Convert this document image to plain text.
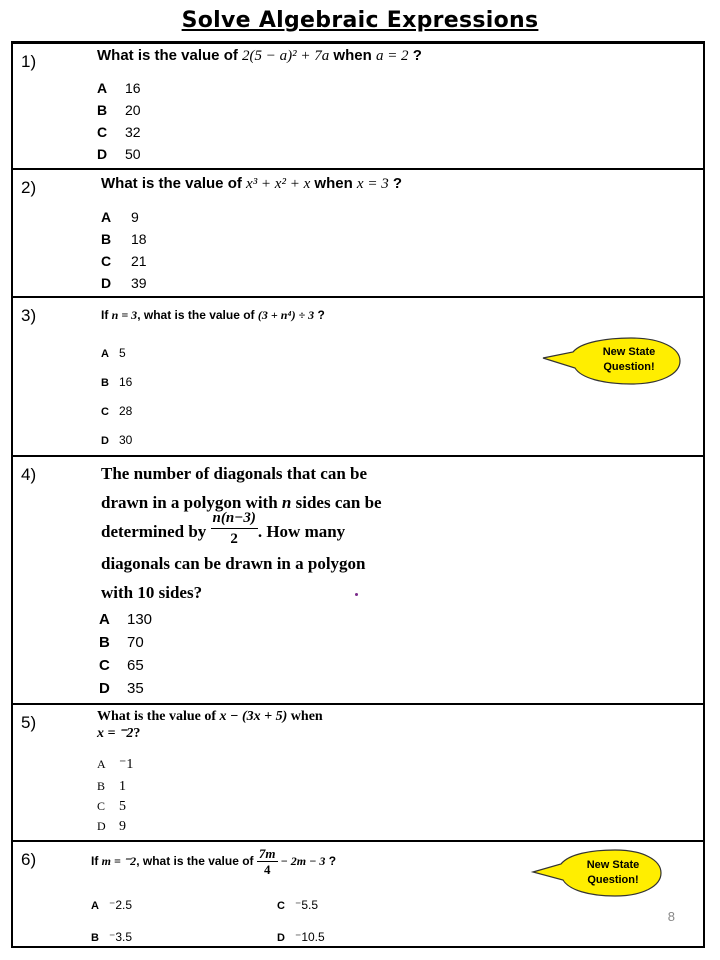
Solve Algebraic Expressions
1)	What is the value of 2(5 − a)² + 7a when a = 2 ?
A 16
B 20
C 32
D 50
2)	What is the value of x³ + x² + x when x = 3 ?
A 9
B 18
C 21
D 39
3)	If n = 3, what is the value of (3 + n⁴) ÷ 3 ?
A 5
B 16
C 28
D 30
New State
Question!
4)	The number of diagonals that can be
drawn in a polygon with n sides can be
determined by $\frac{n(n-3)}{2}$ . How many
diagonals can be drawn in a polygon
with 10 sides?
A 130
B 70
C 65
D 35
5)	What is the value of x − (3x + 5) when
x = ⁻2?
A ⁻1
B 1
C 5
D 9
6)	If m = ⁻2, what is the value of $\frac{7m}{4} - 2m - 3$ ?
A ⁻2.5
B ⁻3.5
C ⁻5.5
D ⁻10.5
New State
Question!
8
